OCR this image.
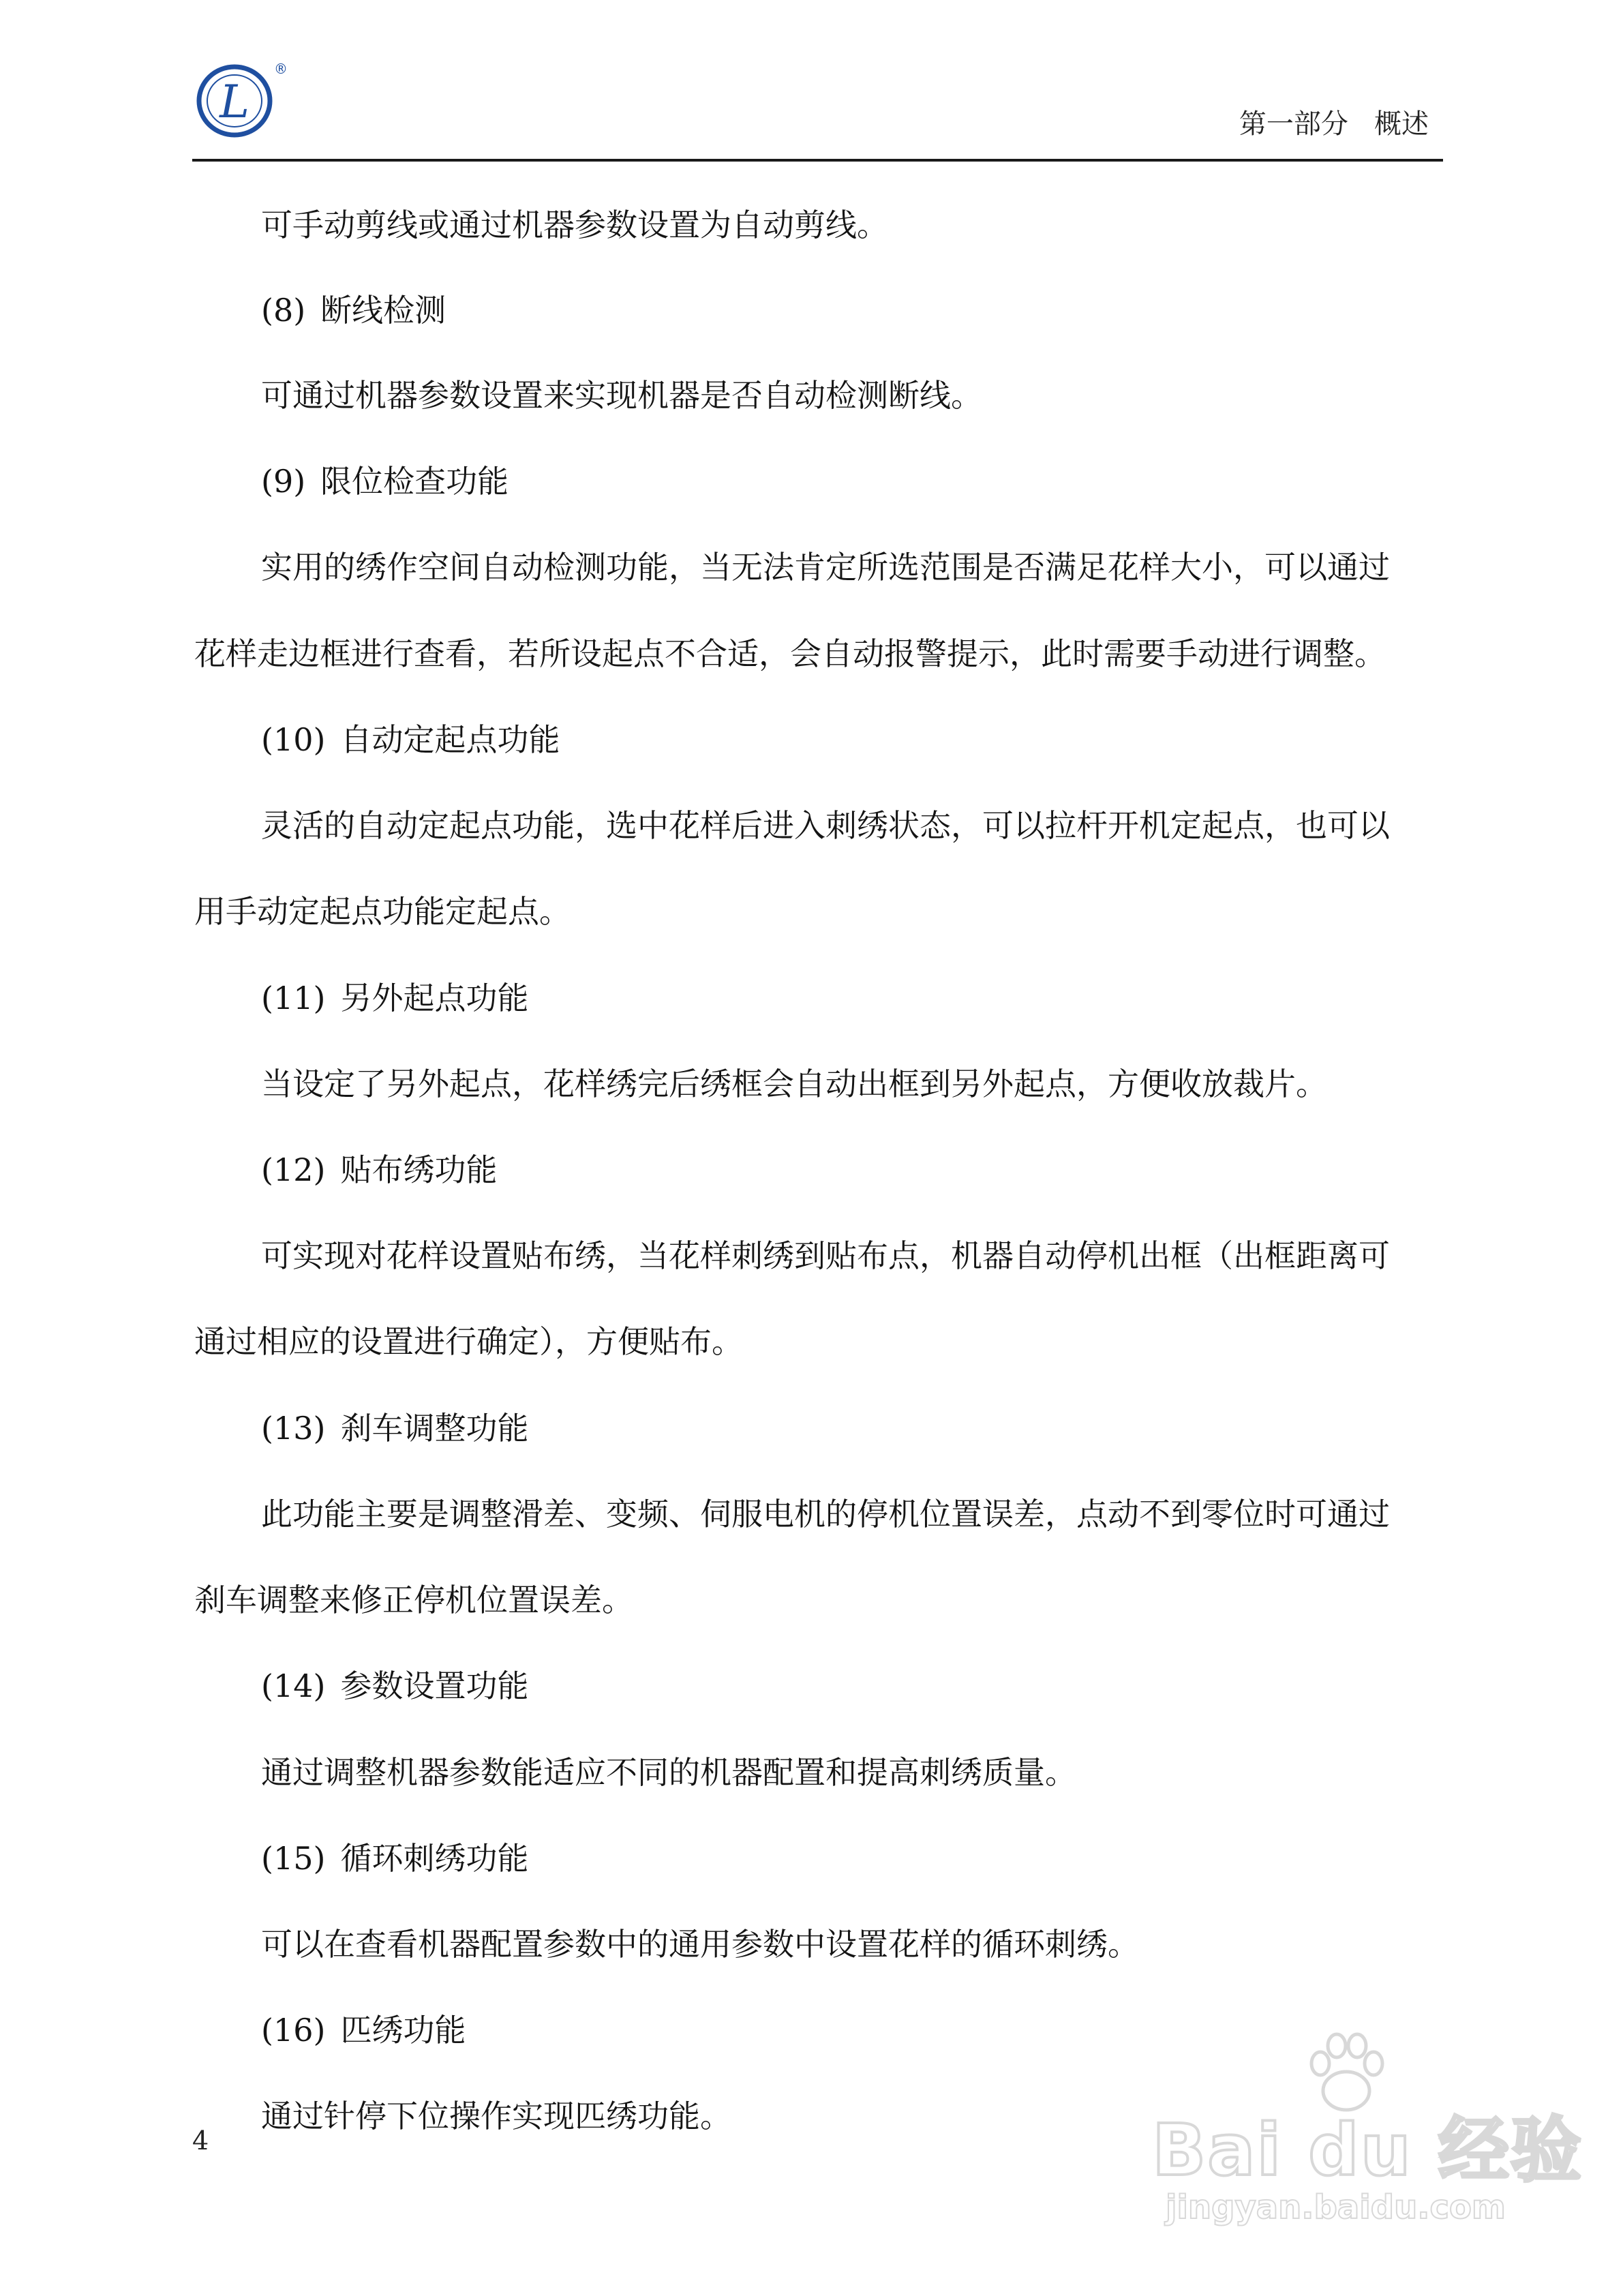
L
®
第一部分   概述
可手动剪线或通过机器参数设置为自动剪线。
(8) 断线检测
可通过机器参数设置来实现机器是否自动检测断线。
(9) 限位检查功能
实用的绣作空间自动检测功能，当无法肯定所选范围是否满足花样大小，可以通过
花样走边框进行查看，若所设起点不合适，会自动报警提示，此时需要手动进行调整。
(10) 自动定起点功能
灵活的自动定起点功能，选中花样后进入刺绣状态，可以拉杆开机定起点，也可以
用手动定起点功能定起点。
(11) 另外起点功能
当设定了另外起点，花样绣完后绣框会自动出框到另外起点，方便收放裁片。
(12) 贴布绣功能
可实现对花样设置贴布绣，当花样刺绣到贴布点，机器自动停机出框（出框距离可
通过相应的设置进行确定），方便贴布。
(13) 刹车调整功能
此功能主要是调整滑差、变频、伺服电机的停机位置误差，点动不到零位时可通过
刹车调整来修正停机位置误差。
(14) 参数设置功能
通过调整机器参数能适应不同的机器配置和提高刺绣质量。
(15) 循环刺绣功能
可以在查看机器配置参数中的通用参数中设置花样的循环刺绣。
(16) 匹绣功能
通过针停下位操作实现匹绣功能。
4	Bai du 经验
jingyan.baidu.com
